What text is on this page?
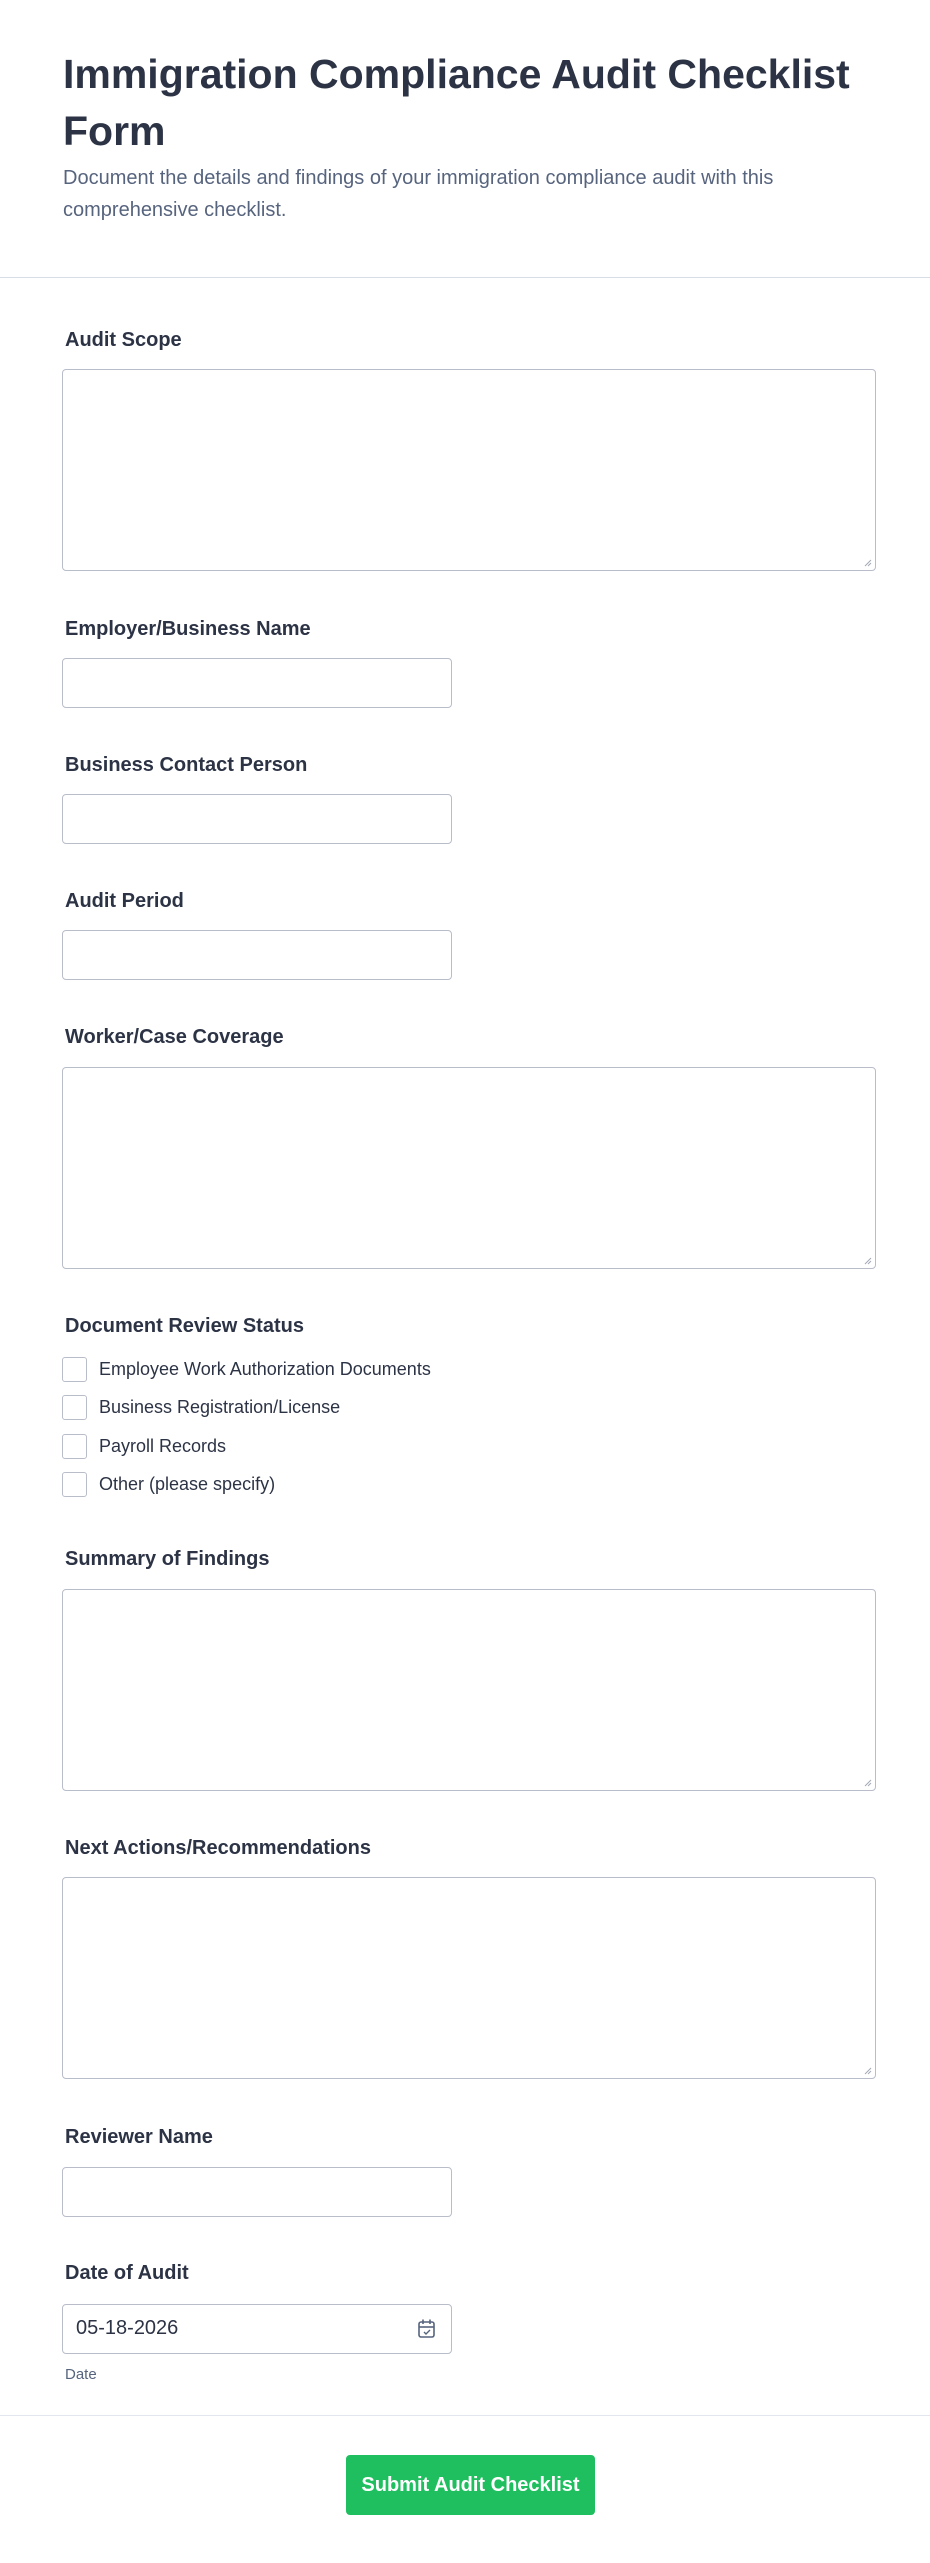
Immigration Compliance Audit Checklist Form
Document the details and findings of your immigration compliance audit with this comprehensive checklist.
Audit Scope
Employer/Business Name
Business Contact Person
Audit Period
Worker/Case Coverage
Document Review Status
Employee Work Authorization Documents
Business Registration/License
Payroll Records
Other (please specify)
Summary of Findings
Next Actions/Recommendations
Reviewer Name
Date of Audit
05-18-2026
Date
Submit Audit Checklist
